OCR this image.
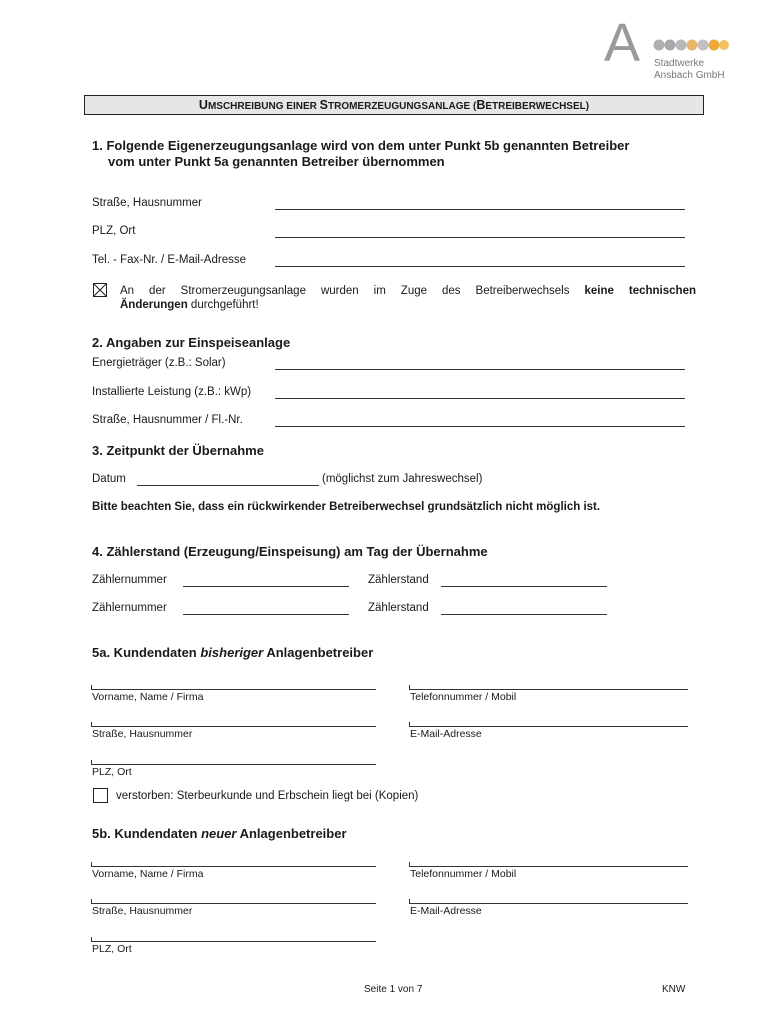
A Stadtwerke
Ansbach GmbH
UMSCHREIBUNG EINER STROMERZEUGUNGSANLAGE (BETREIBERWECHSEL)
1. Folgende Eigenerzeugungsanlage wird von dem unter Punkt 5b genannten Betreiber
vom unter Punkt 5a genannten Betreiber übernommen
Straße, Hausnummer
PLZ, Ort
Tel. - Fax-Nr. / E-Mail-Adresse
An der Stromerzeugungsanlage wurden im Zuge des Betreiberwechsels keine technischen
Änderungen durchgeführt!
2. Angaben zur Einspeiseanlage
Energieträger (z.B.: Solar)
Installierte Leistung (z.B.: kWp)
Straße, Hausnummer / Fl.-Nr.
3. Zeitpunkt der Übernahme
Datum	(möglichst zum Jahreswechsel)
Bitte beachten Sie, dass ein rückwirkender Betreiberwechsel grundsätzlich nicht möglich ist.
4. Zählerstand (Erzeugung/Einspeisung) am Tag der Übernahme
Zählernummer	Zählerstand
Zählernummer	Zählerstand
5a. Kundendaten bisheriger Anlagenbetreiber
Vorname, Name / Firma	Telefonnummer / Mobil
Straße, Hausnummer	E-Mail-Adresse
PLZ, Ort
verstorben: Sterbeurkunde und Erbschein liegt bei (Kopien)
5b. Kundendaten neuer Anlagenbetreiber
Vorname, Name / Firma	Telefonnummer / Mobil
Straße, Hausnummer	E-Mail-Adresse
PLZ, Ort
Seite 1 von 7	KNW
